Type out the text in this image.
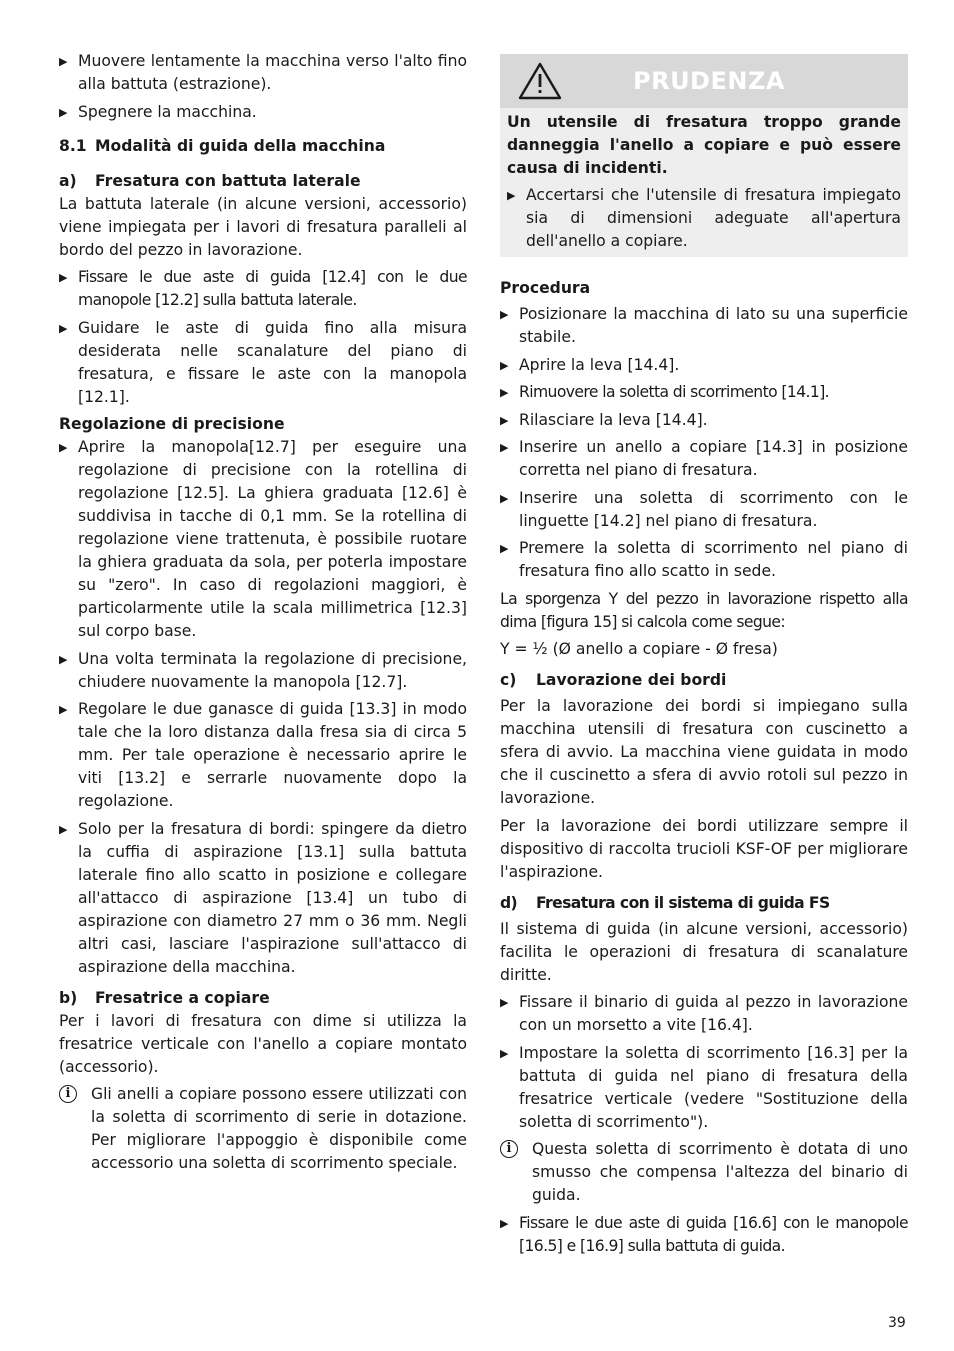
▶ Muovere lentamente la macchina verso l'alto fino alla battuta (estrazione).
▶ Spegnere la macchina.
8.1 Modalità di guida della macchina
a) Fresatura con battuta laterale

La battuta laterale (in alcune versioni, accessorio) viene impiegata per i lavori di fresatura paralleli al bordo del pezzo in lavorazione.

▶ Fissare le due aste di guida [12.4] con le due manopole [12.2] sulla battuta laterale.
▶ Guidare le aste di guida fino alla misura desiderata nelle scanalature del piano di fresatura, e fissare le aste con la manopola [12.1].
Regolazione di precisione
▶ Aprire la manopola[12.7] per eseguire una regolazione di precisione con la rotellina di regolazione [12.5]. La ghiera graduata [12.6] è suddivisa in tacche di 0,1 mm. Se la rotellina di regolazione viene trattenuta, è possibile ruotare la ghiera graduata da sola, per poterla impostare su "zero". In caso di regolazioni maggiori, è particolarmente utile la scala millimetrica [12.3] sul corpo base.
▶ Una volta terminata la regolazione di precisione, chiudere nuovamente la manopola [12.7].
▶ Regolare le due ganasce di guida [13.3] in modo tale che la loro distanza dalla fresa sia di circa 5 mm. Per tale operazione è necessario aprire le viti [13.2] e serrarle nuovamente dopo la regolazione.
▶ Solo per la fresatura di bordi: spingere da dietro la cuffia di aspirazione [13.1] sulla battuta laterale fino allo scatto in posizione e collegare all'attacco di aspirazione [13.4] un tubo di aspirazione con diametro 27 mm o 36 mm. Negli altri casi, lasciare l'aspirazione sull'attacco di aspirazione della macchina.
b) Fresatrice a copiare

Per i lavori di fresatura con dime si utilizza la fresatrice verticale con l'anello a copiare montato (accessorio).

i	Gli anelli a copiare possono essere utilizzati con la soletta di scorrimento di serie in dotazione. Per migliorare l'appoggio è disponibile come accessorio una soletta di scorrimento speciale.
PRUDENZA
Un utensile di fresatura troppo grande danneggia l'anello a copiare e può essere causa di incidenti.
▶ Accertarsi che l'utensile di fresatura impiegato sia di dimensioni adeguate all'apertura dell'anello a copiare.
Procedura
▶ Posizionare la macchina di lato su una superficie stabile.
▶ Aprire la leva [14.4].
▶ Rimuovere la soletta di scorrimento [14.1].
▶ Rilasciare la leva [14.4].
▶ Inserire un anello a copiare [14.3] in posizione corretta nel piano di fresatura.
▶ Inserire una soletta di scorrimento con le linguette [14.2] nel piano di fresatura.
▶ Premere la soletta di scorrimento nel piano di fresatura fino allo scatto in sede.

La sporgenza Y del pezzo in lavorazione rispetto alla dima [figura 15] si calcola come segue:

Y = ½ (Ø anello a copiare - Ø fresa)

c) Lavorazione dei bordi

Per la lavorazione dei bordi si impiegano sulla macchina utensili di fresatura con cuscinetto a sfera di avvio. La macchina viene guidata in modo che il cuscinetto a sfera di avvio rotoli sul pezzo in lavorazione.

Per la lavorazione dei bordi utilizzare sempre il dispositivo di raccolta trucioli KSF-OF per migliorare l'aspirazione.

d) Fresatura con il sistema di guida FS

Il sistema di guida (in alcune versioni, accessorio) facilita le operazioni di fresatura di scanalature diritte.

▶ Fissare il binario di guida al pezzo in lavorazione con un morsetto a vite [16.4].
▶ Impostare la soletta di scorrimento [16.3] per la battuta di guida nel piano di fresatura della fresatrice verticale (vedere "Sostituzione della soletta di scorrimento").
i	Questa soletta di scorrimento è dotata di uno smusso che compensa l'altezza del binario di guida.
▶ Fissare le due aste di guida [16.6] con le manopole [16.5] e [16.9] sulla battuta di guida.
39
